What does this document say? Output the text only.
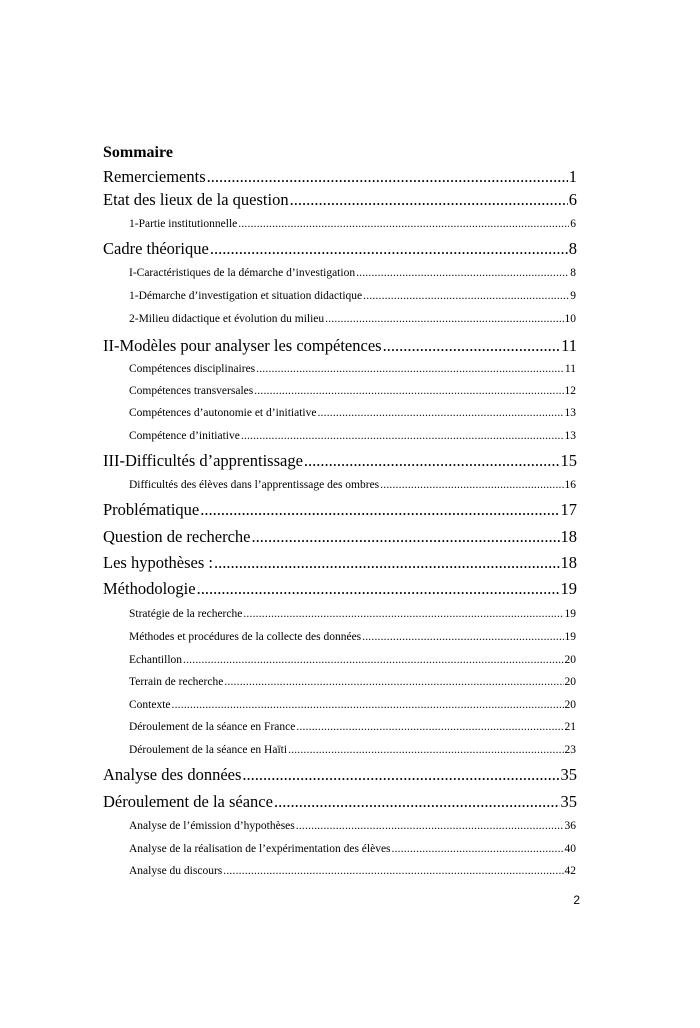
Sommaire
Remerciements .....	1
Etat des lieux de la question .....	6
1-Partie institutionnelle .....	6
Cadre théorique .....	8
I-Caractéristiques de la démarche d’investigation .....	8
1-Démarche d’investigation et situation didactique .....	9
2-Milieu didactique et évolution du milieu .....	10
II-Modèles pour analyser les compétences .....	11
Compétences disciplinaires .....	11
Compétences transversales .....	12
Compétences d’autonomie et d’initiative .....	13
Compétence d’initiative .....	13
III-Difficultés d’apprentissage .....	15
Difficultés des élèves dans l’apprentissage des ombres .....	16
Problématique .....	17
Question de recherche .....	18
Les hypothèses : .....	18
Méthodologie .....	19
Stratégie de la recherche .....	19
Méthodes et procédures de la collecte des données .....	19
Echantillon .....	20
Terrain de recherche .....	20
Contexte .....	20
Déroulement de la séance en France .....	21
Déroulement de la séance en Haïti .....	23
Analyse des données .....	35
Déroulement de la séance .....	35
Analyse de l’émission d’hypothèses .....	36
Analyse de la réalisation de l’expérimentation des élèves .....	40
Analyse du discours .....	42
2
